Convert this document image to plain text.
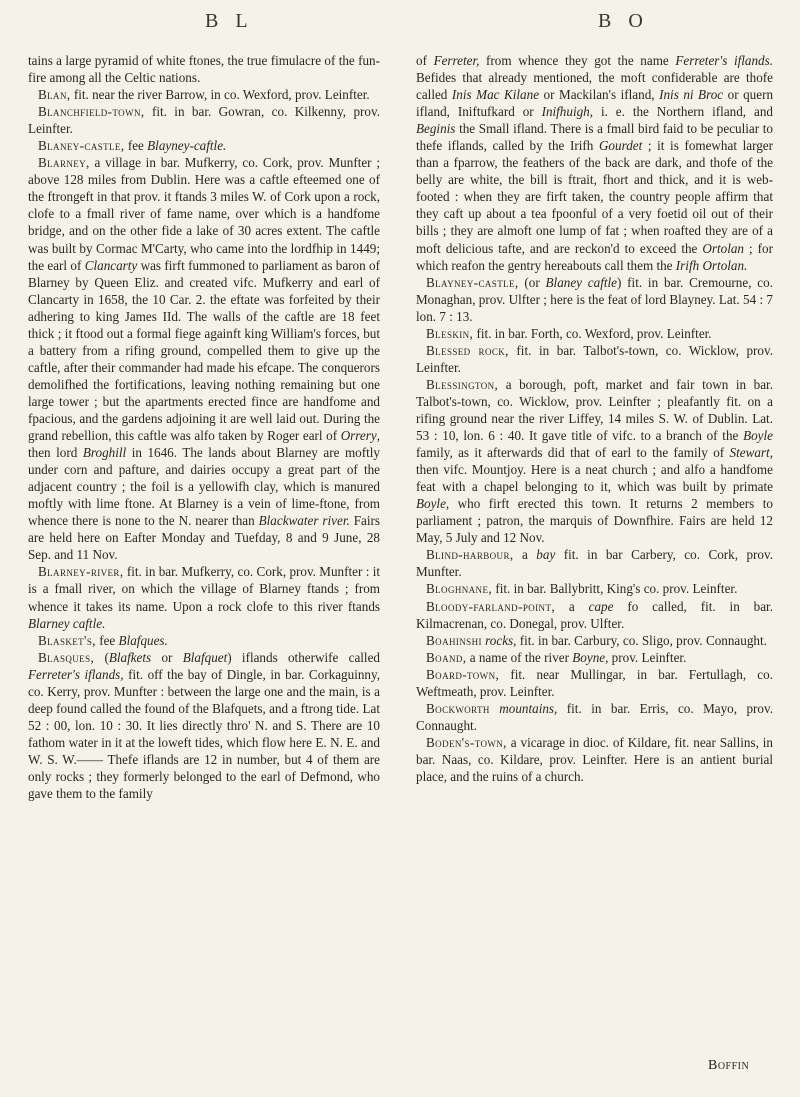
B L	B O

tains a large pyramid of white ftones, the true fimulacre of the fun-fire among all the Celtic nations.

Blan, fit. near the river Barrow, in co. Wexford, prov. Leinfter.

Blanchfield-town, fit. in bar. Gowran, co. Kilkenny, prov. Leinfter.

Blaney-castle, fee Blayney-caftle.

Blarney, a village in bar. Mufkerry, co. Cork, prov. Munfter ; above 128 miles from Dublin. Here was a caftle efteemed one of the ftrongeft in that prov. it ftands 3 miles W. of Cork upon a rock, clofe to a fmall river of fame name, over which is a handfome bridge, and on the other fide a lake of 30 acres extent. The caftle was built by Cormac M'Carty, who came into the lordfhip in 1449; the earl of Clancarty was firft fummoned to parliament as baron of Blarney by Queen Eliz. and created vifc. Mufkerry and earl of Clancarty in 1658, the 10 Car. 2. the eftate was forfeited by their adhering to king James IId. The walls of the caftle are 18 feet thick ; it ftood out a formal fiege againft king William's forces, but a battery from a rifing ground, compelled them to give up the caftle, after their commander had made his efcape. The conquerors demolifhed the fortifications, leaving nothing remaining but one large tower ; but the apartments erected fince are handfome and fpacious, and the gardens adjoining it are well laid out. During the grand rebellion, this caftle was alfo taken by Roger earl of Orrery, then lord Broghill in 1646. The lands about Blarney are moftly under corn and pafture, and dairies occupy a great part of the adjacent country ; the foil is a yellowifh clay, which is manured moftly with lime ftone. At Blarney is a vein of lime-ftone, from whence there is none to the N. nearer than Blackwater river. Fairs are held here on Eafter Monday and Tuefday, 8 and 9 June, 28 Sep. and 11 Nov.

Blarney-river, fit. in bar. Mufkerry, co. Cork, prov. Munfter : it is a fmall river, on which the village of Blarney ftands ; from whence it takes its name. Upon a rock clofe to this river ftands Blarney caftle.

Blasket's, fee Blafques.

Blasques, (Blafkets or Blafquet) iflands otherwife called Ferreter's iflands, fit. off the bay of Dingle, in bar. Corkaguinny, co. Kerry, prov. Munfter : between the large one and the main, is a deep found called the found of the Blafquets, and a ftrong tide. Lat 52 : 00, lon. 10 : 30. It lies directly thro' N. and S. There are 10 fathom water in it at the loweft tides, which flow here E. N. E. and W. S. W.—— Thefe iflands are 12 in number, but 4 of them are only rocks ; they formerly belonged to the earl of Defmond, who gave them to the family

of Ferreter, from whence they got the name Ferreter's iflands. Befides that already mentioned, the moft confiderable are thofe called Inis Mac Kilane or Mackilan's ifland, Inis ni Broc or quern ifland, Iniftufkard or Inifhuigh, i. e. the Northern ifland, and Beginis the Small ifland. There is a fmall bird faid to be peculiar to thefe iflands, called by the Irifh Gourdet ; it is fomewhat larger than a fparrow, the feathers of the back are dark, and thofe of the belly are white, the bill is ftrait, fhort and thick, and it is web-footed : when they are firft taken, the country people affirm that they caft up about a tea fpoonful of a very foetid oil out of their bills ; they are almoft one lump of fat ; when roafted they are of a moft delicious tafte, and are reckon'd to exceed the Ortolan ; for which reafon the gentry hereabouts call them the Irifh Ortolan.

Blayney-castle, (or Blaney caftle) fit. in bar. Cremourne, co. Monaghan, prov. Ulfter ; here is the feat of lord Blayney. Lat. 54 : 7 lon. 7 : 13.

Bleskin, fit. in bar. Forth, co. Wexford, prov. Leinfter.

Blessed rock, fit. in bar. Talbot's-town, co. Wicklow, prov. Leinfter.

Blessington, a borough, poft, market and fair town in bar. Talbot's-town, co. Wicklow, prov. Leinfter ; pleafantly fit. on a rifing ground near the river Liffey, 14 miles S. W. of Dublin. Lat. 53 : 10, lon. 6 : 40. It gave title of vifc. to a branch of the Boyle family, as it afterwards did that of earl to the family of Stewart, then vifc. Mountjoy. Here is a neat church ; and alfo a handfome feat with a chapel belonging to it, which was built by primate Boyle, who firft erected this town. It returns 2 members to parliament ; patron, the marquis of Downfhire. Fairs are held 12 May, 5 July and 12 Nov.

Blind-harbour, a bay fit. in bar Carbery, co. Cork, prov. Munfter.

Bloghnane, fit. in bar. Ballybritt, King's co. prov. Leinfter.

Bloody-farland-point, a cape fo called, fit. in bar. Kilmacrenan, co. Donegal, prov. Ulfter.

Boahinshi rocks, fit. in bar. Carbury, co. Sligo, prov. Connaught.

Boand, a name of the river Boyne, prov. Leinfter.

Board-town, fit. near Mullingar, in bar. Fertullagh, co. Weftmeath, prov. Leinfter.

Bockworth mountains, fit. in bar. Erris, co. Mayo, prov. Connaught.

Boden's-town, a vicarage in dioc. of Kildare, fit. near Sallins, in bar. Naas, co. Kildare, prov. Leinfter. Here is an antient burial place, and the ruins of a church.

Boffin
